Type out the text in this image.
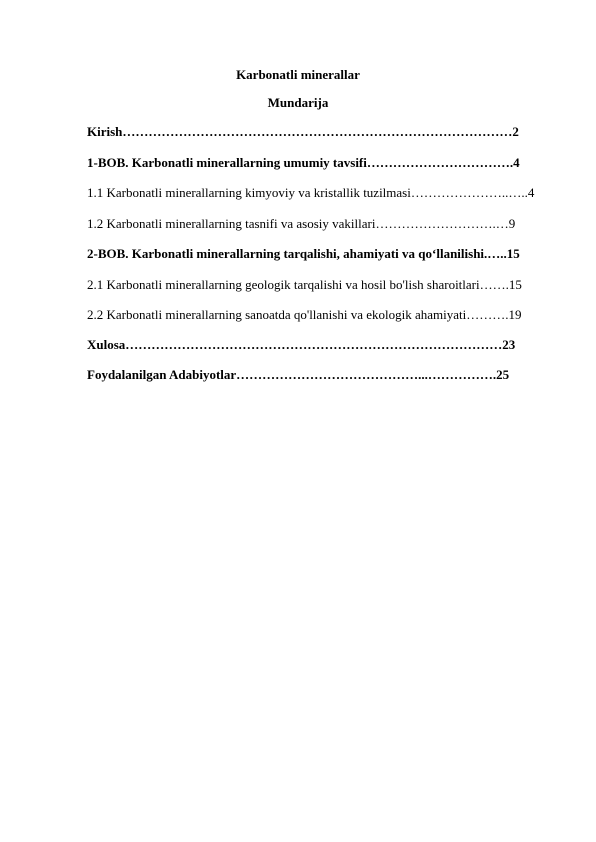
Karbonatli minerallar
Mundarija
Kirish………………………………………………………………………………2
1-BOB. Karbonatli minerallarning umumiy tavsifi…………………………….4
1.1 Karbonatli minerallarning kimyoviy va kristallik tuzilmasi…………………..…..4
1.2 Karbonatli minerallarning tasnifi va asosiy vakillari……………………….…9
2-BOB. Karbonatli minerallarning tarqalishi, ahamiyati va qo‘llanilishi.…..15
2.1 Karbonatli minerallarning geologik tarqalishi va hosil bo'lish sharoitlari…….15
2.2 Karbonatli minerallarning sanoatda qo'llanishi va ekologik ahamiyati……….19
Xulosa……………………………………………………………………………23
Foydalanilgan Adabiyotlar……………………………………...…………….25
